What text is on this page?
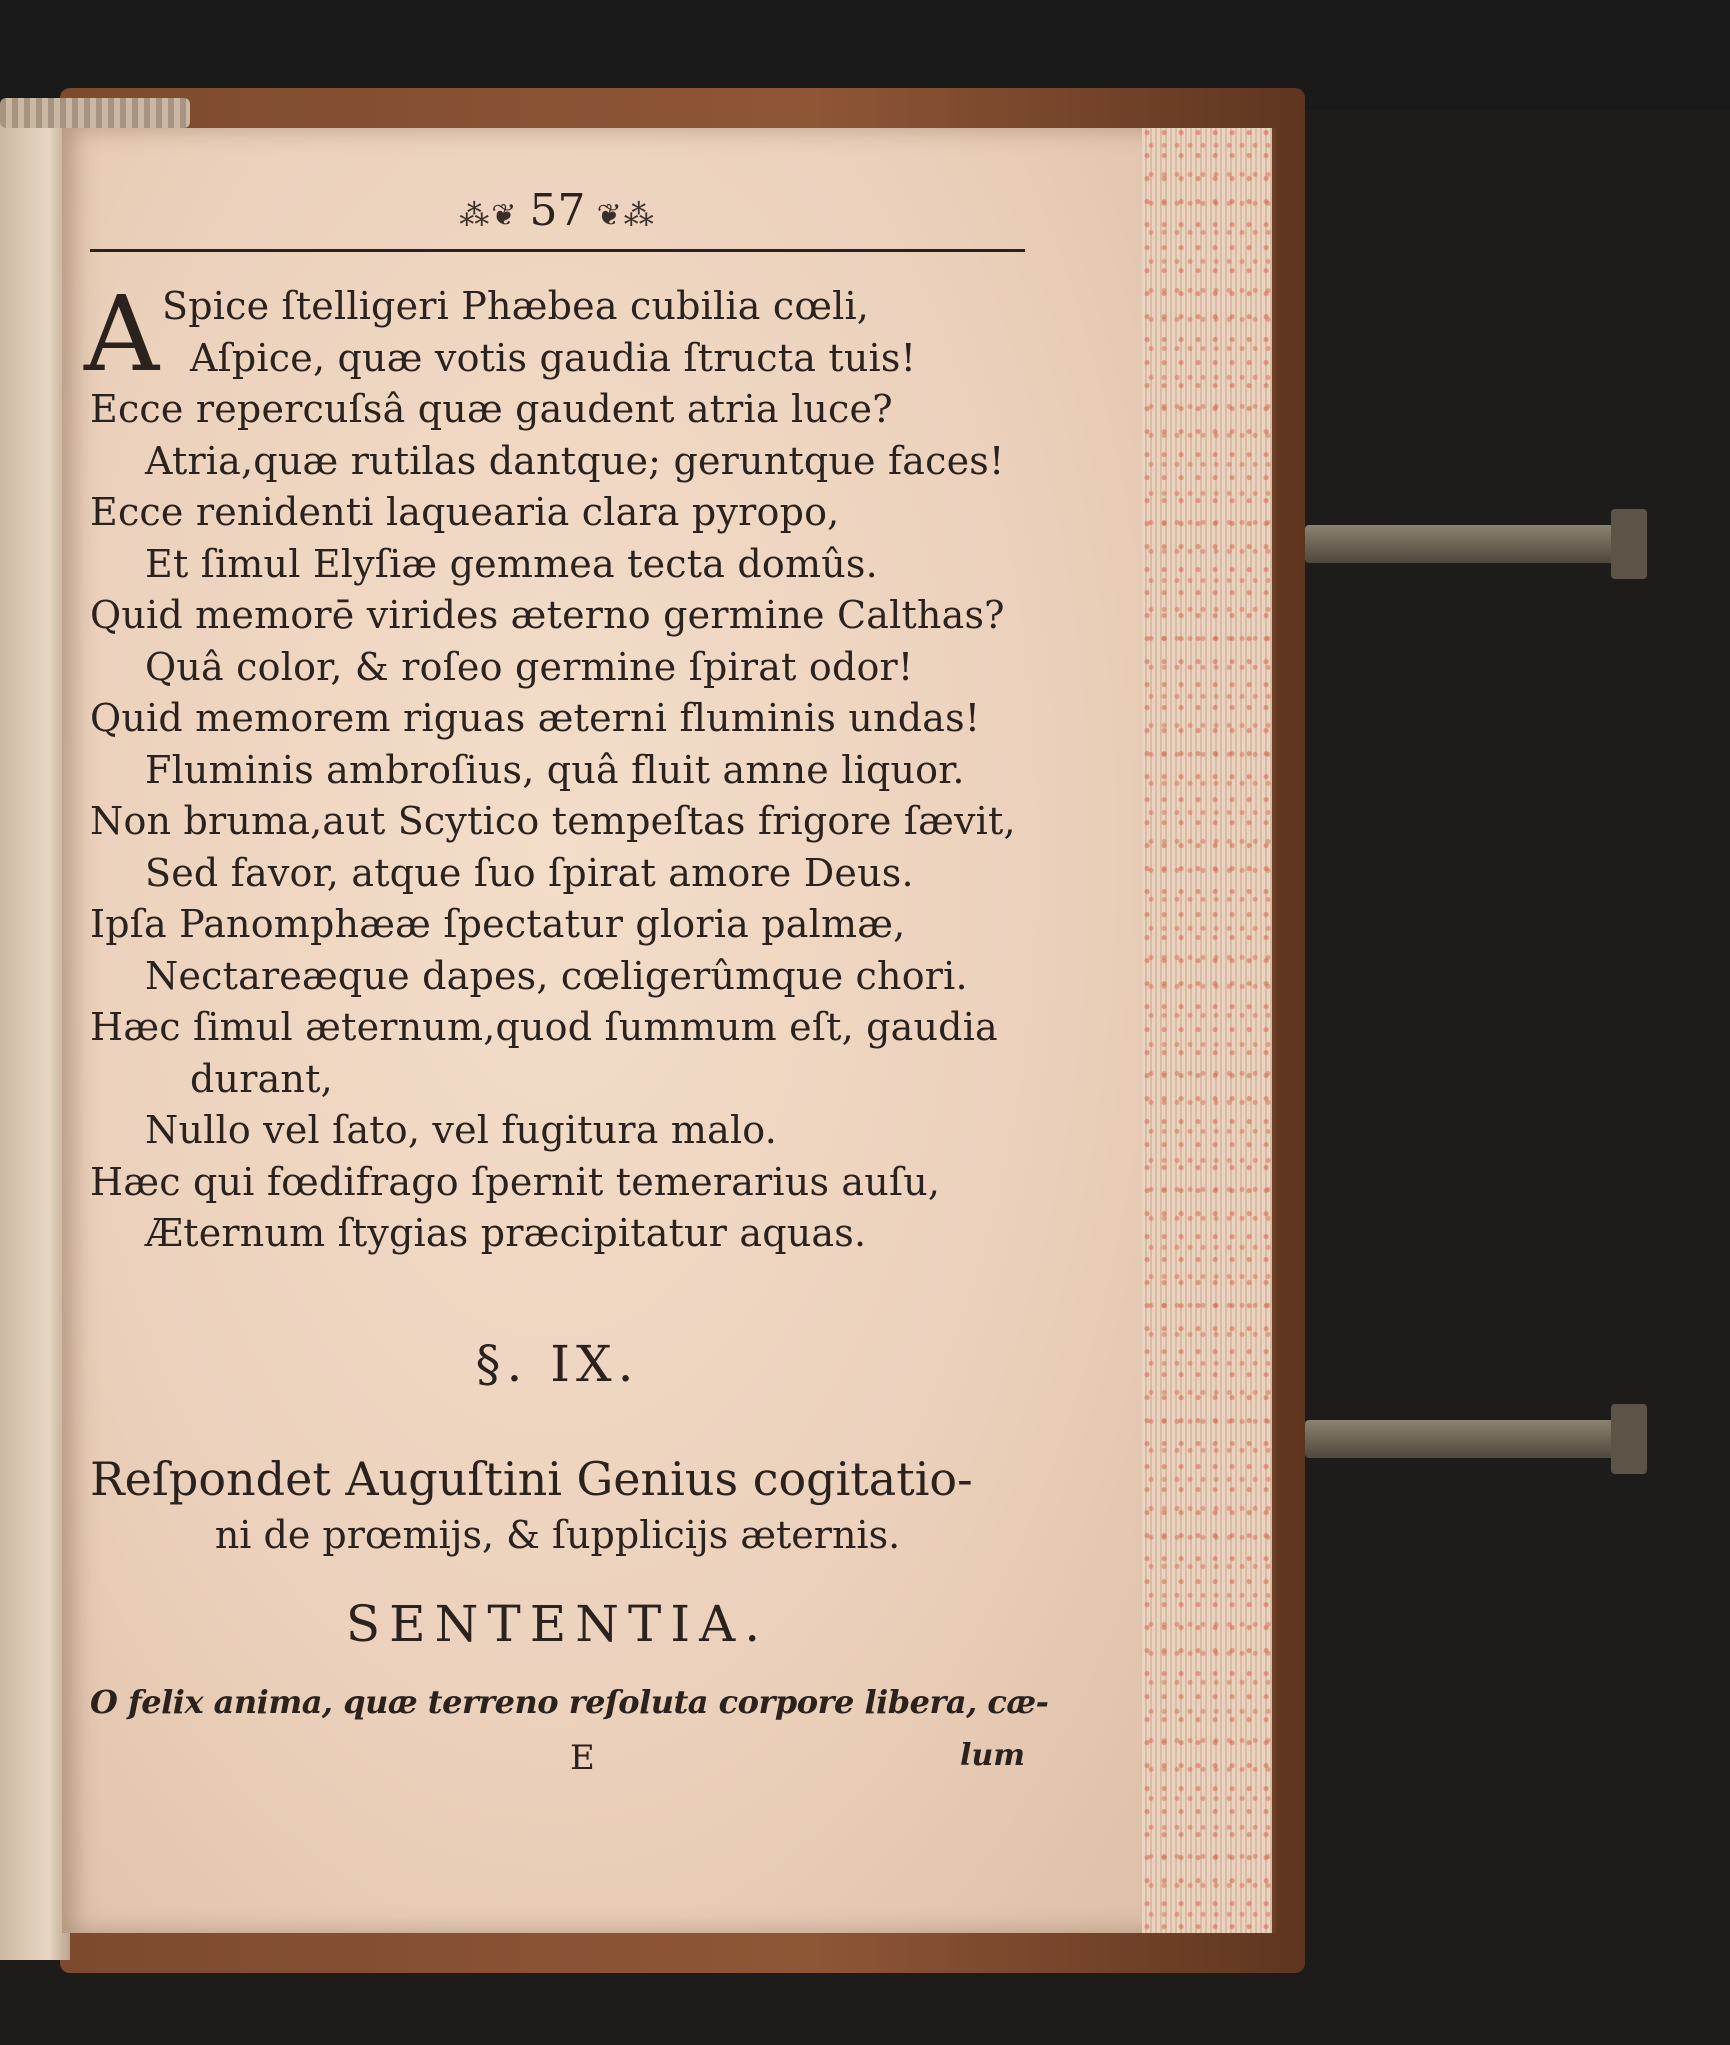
⁂❦ 57 ❦⁂
A Spice ſtelligeri Phæbea cubilia cœli,
Aſpice, quæ votis gaudia ſtructa tuis!
Ecce repercuſsâ quæ gaudent atria luce?
Atria,quæ rutilas dantque; geruntque faces!
Ecce renidenti laquearia clara pyropo,
Et ſimul Elyſiæ gemmea tecta domûs.
Quid memorē virides æterno germine Calthas?
Quâ color, & roſeo germine ſpirat odor!
Quid memorem riguas æterni fluminis undas!
Fluminis ambroſius, quâ fluit amne liquor.
Non bruma,aut Scytico tempeſtas frigore ſævit,
Sed favor, atque ſuo ſpirat amore Deus.
Ipſa Panomphææ ſpectatur gloria palmæ,
Nectareæque dapes, cœligerûmque chori.
Hæc ſimul æternum,quod ſummum eſt, gaudia
durant,
Nullo vel ſato, vel fugitura malo.
Hæc qui fœdifrago ſpernit temerarius auſu,
Æternum ſtygias præcipitatur aquas.
§. IX.
Reſpondet Auguſtini Genius cogitatio-
ni de prœmijs, & ſupplicijs æternis.
SENTENTIA.
O felix anima, quæ terreno reſoluta corpore libera, cæ-
E	lum
